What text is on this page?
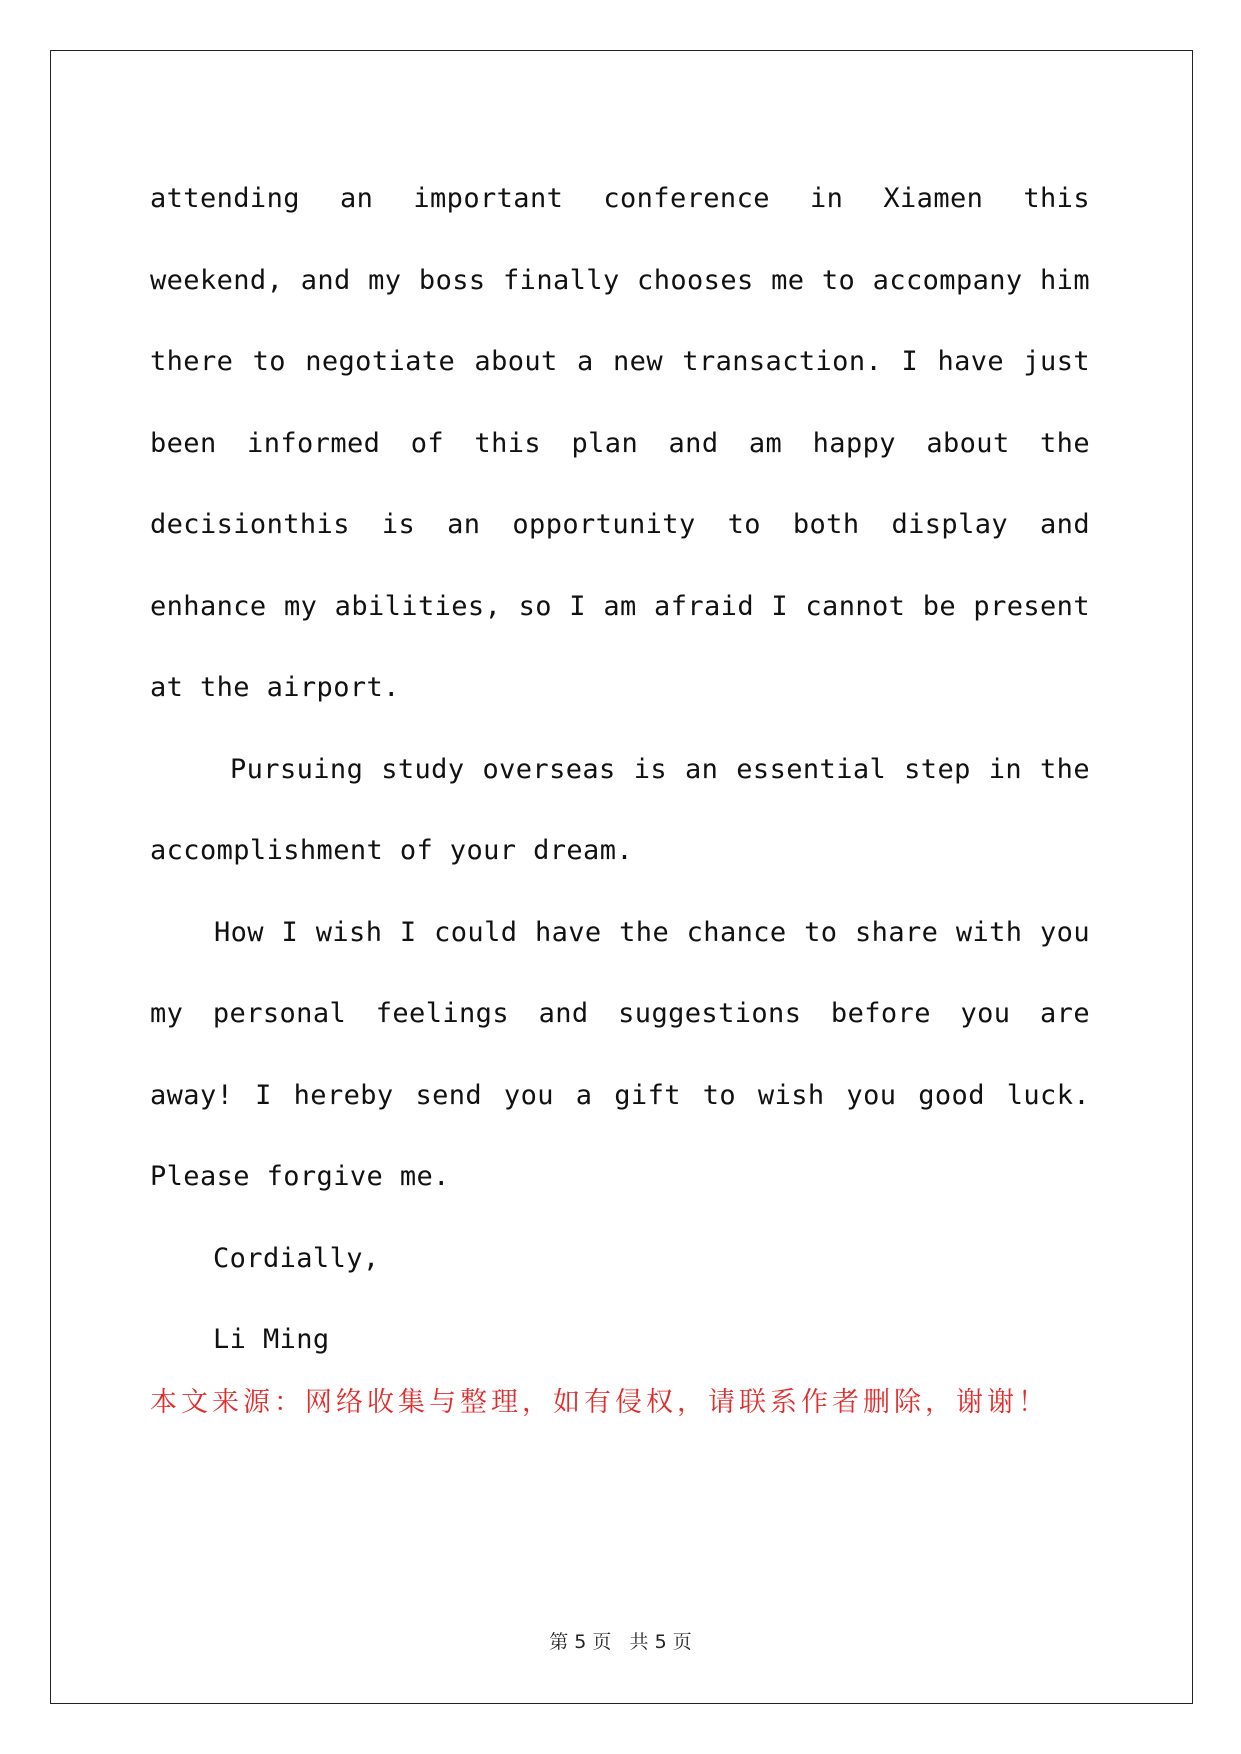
attending an important conference in Xiamen this weekend, and my boss finally chooses me to accompany him there to negotiate about a new transaction. I have just been informed of this plan and am happy about the decisionthis is an opportunity to both display and enhance my abilities, so I am afraid I cannot be present at the airport.

Pursuing study overseas is an essential step in the accomplishment of your dream.

How I wish I could have the chance to share with you my personal feelings and suggestions before you are away! I hereby send you a gift to wish you good luck. Please forgive me.

Cordially,

Li Ming

本文来源：网络收集与整理，如有侵权，请联系作者删除，谢谢！
第 5 页   共 5 页
